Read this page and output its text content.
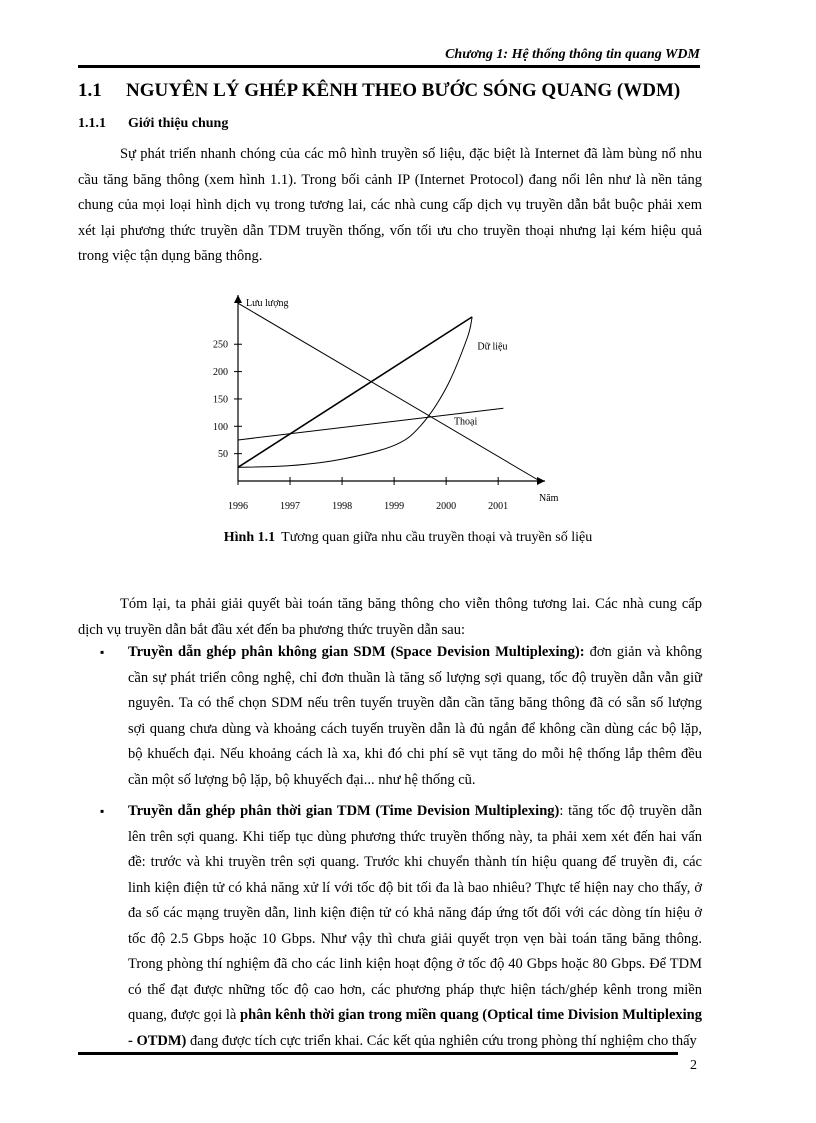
Chương 1: Hệ thống thông tin quang WDM
1.1 NGUYÊN LÝ GHÉP KÊNH THEO BƯỚC SÓNG QUANG (WDM)
1.1.1 Giới thiệu chung

Sự phát triển nhanh chóng của các mô hình truyền số liệu, đặc biệt là Internet đã làm bùng nổ nhu cầu tăng băng thông (xem hình 1.1). Trong bối cảnh IP (Internet Protocol) đang nổi lên như là nền tảng chung của mọi loại hình dịch vụ trong tương lai, các nhà cung cấp dịch vụ truyền dẫn bắt buộc phải xem xét lại phương thức truyền dẫn TDM truyền thống, vốn tối ưu cho truyền thoại nhưng lại kém hiệu quả trong việc tận dụng băng thông.

50
100
150
200
250
1996	1997	1998	1999	2000	2001
Lưu lượng
Năm
Dữ liệu
Thoại
Hình 1.1 Tương quan giữa nhu cầu truyền thoại và truyền số liệu

Tóm lại, ta phải giải quyết bài toán tăng băng thông cho viễn thông tương lai. Các nhà cung cấp dịch vụ truyền dẫn bắt đầu xét đến ba phương thức truyền dẫn sau:

▪ Truyền dẫn ghép phân không gian SDM (Space Devision Multiplexing): đơn giản và không cần sự phát triển công nghệ, chỉ đơn thuần là tăng số lượng sợi quang, tốc độ truyền dẫn vẫn giữ nguyên. Ta có thể chọn SDM nếu trên tuyến truyền dẫn cần tăng băng thông đã có sẵn số lượng sợi quang chưa dùng và khoảng cách tuyến truyền dẫn là đủ ngắn để không cần dùng các bộ lặp, bộ khuếch đại. Nếu khoảng cách là xa, khi đó chi phí sẽ vụt tăng do mỗi hệ thống lắp thêm đều cần một số lượng bộ lặp, bộ khuyếch đại... như hệ thống cũ.
▪ Truyền dẫn ghép phân thời gian TDM (Time Devision Multiplexing): tăng tốc độ truyền dẫn lên trên sợi quang. Khi tiếp tục dùng phương thức truyền thống này, ta phải xem xét đến hai vấn đề: trước và khi truyền trên sợi quang. Trước khi chuyển thành tín hiệu quang để truyền đi, các linh kiện điện tử có khả năng xử lí với tốc độ bit tối đa là bao nhiêu? Thực tế hiện nay cho thấy, ở đa số các mạng truyền dẫn, linh kiện điện tử có khả năng đáp ứng tốt đối với các dòng tín hiệu ở tốc độ 2.5 Gbps hoặc 10 Gbps. Như vậy thì chưa giải quyết trọn vẹn bài toán tăng băng thông. Trong phòng thí nghiệm đã cho các linh kiện hoạt động ở tốc độ 40 Gbps hoặc 80 Gbps. Để TDM có thể đạt được những tốc độ cao hơn, các phương pháp thực hiện tách/ghép kênh trong miền quang, được gọi là phân kênh thời gian trong miền quang (Optical time Division Multiplexing - OTDM) đang được tích cực triển khai. Các kết qủa nghiên cứu trong phòng thí nghiệm cho thấy
2
